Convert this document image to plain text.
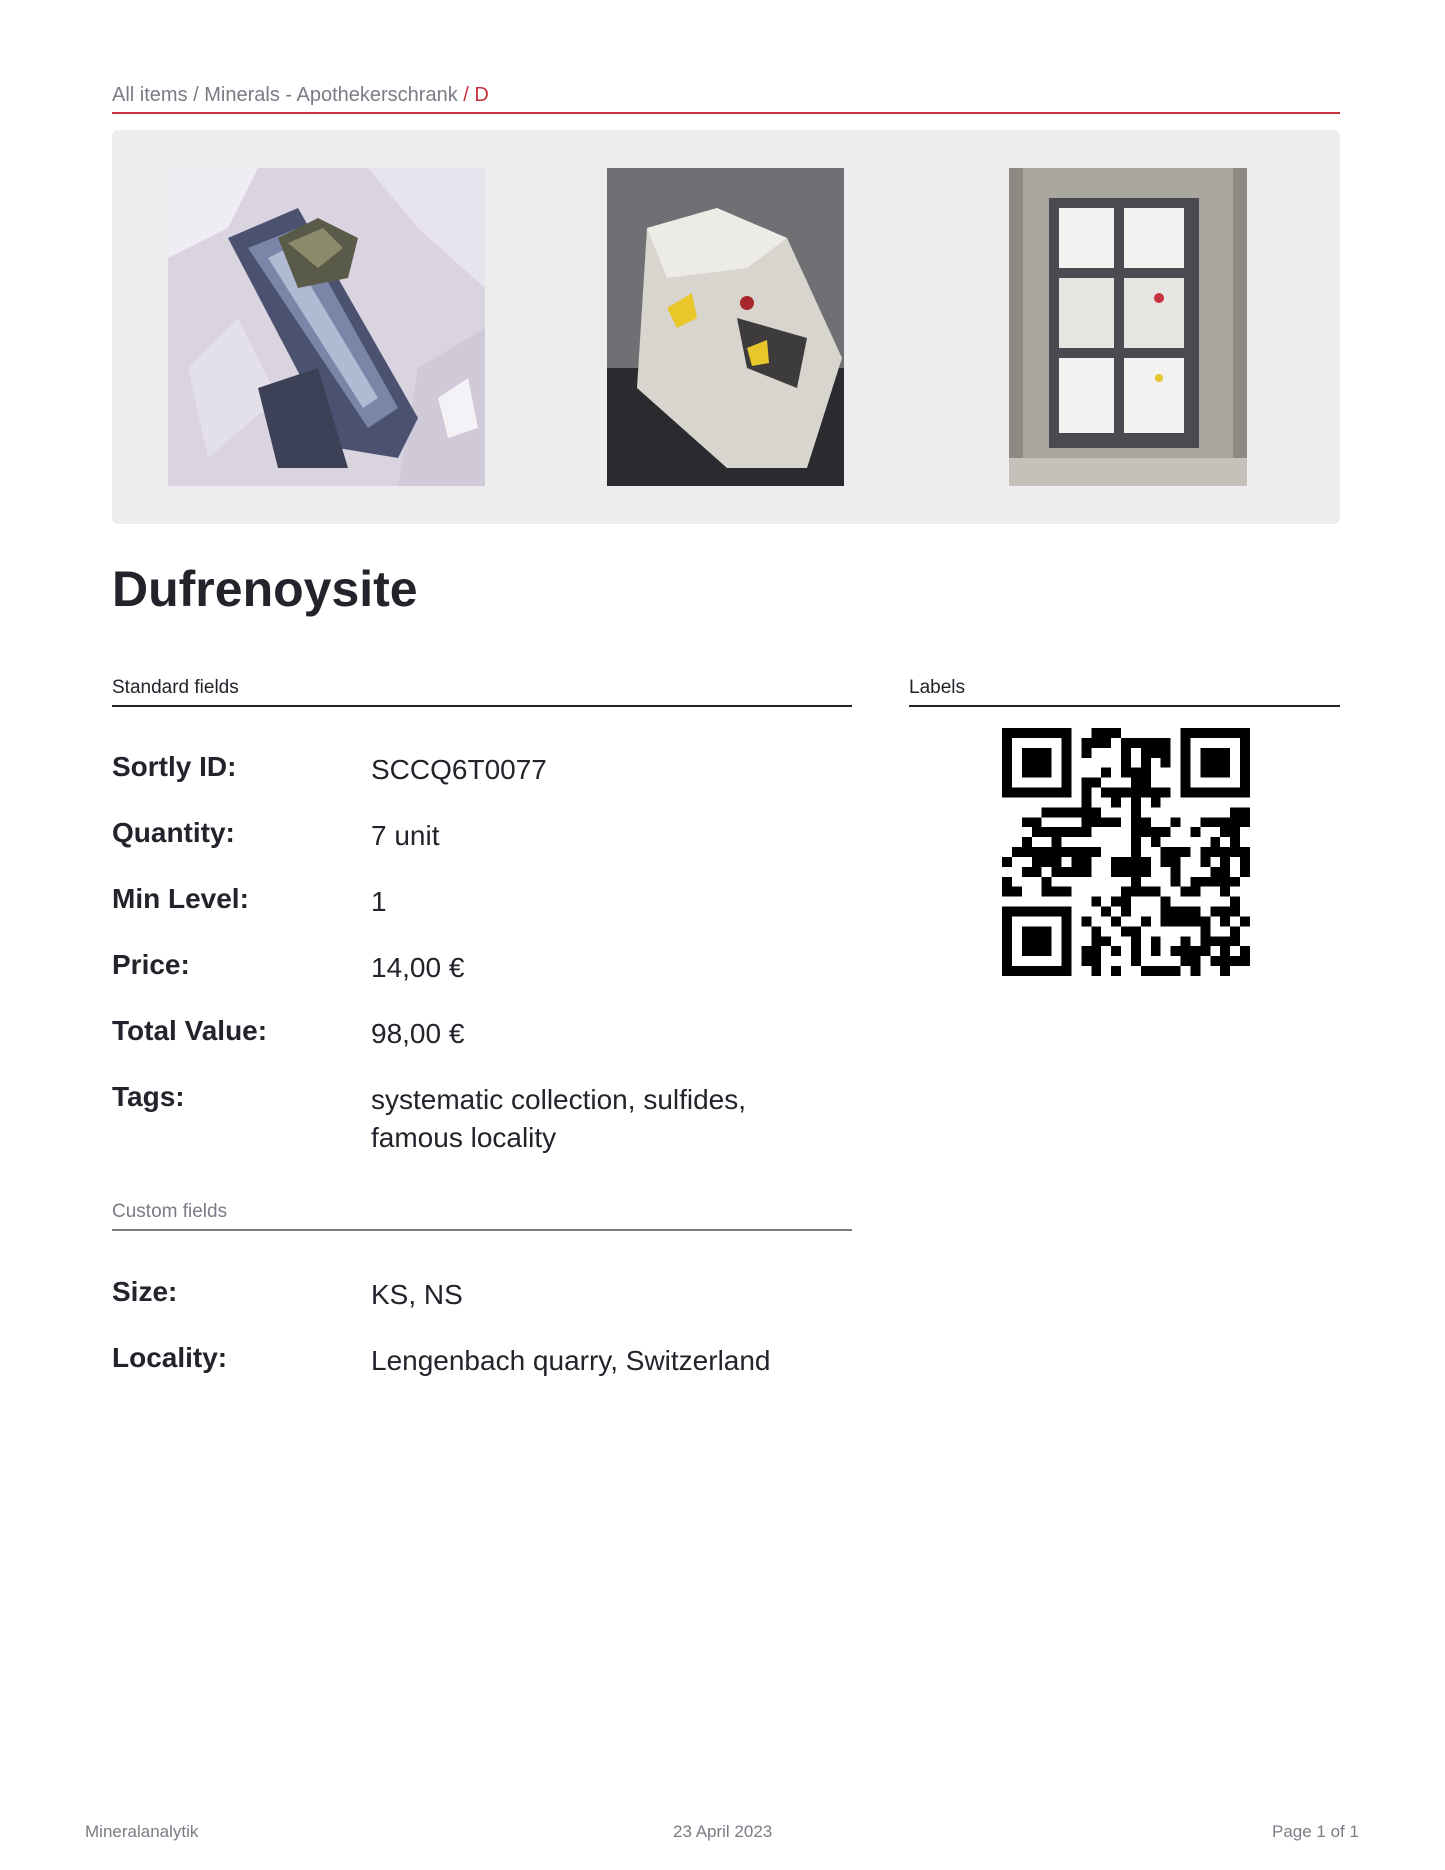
All items / Minerals - Apothekerschrank / D
Dufrenoysite
Standard fields	Labels
Sortly ID:	SCCQ6T0077
Quantity:	7 unit
Min Level:	1
Price:	14,00 €
Total Value:	98,00 €
Tags:	systematic collection, sulfides, famous locality
Custom fields
Size:	KS, NS
Locality:	Lengenbach quarry, Switzerland
Mineralanalytik	23 April 2023	Page 1 of 1
